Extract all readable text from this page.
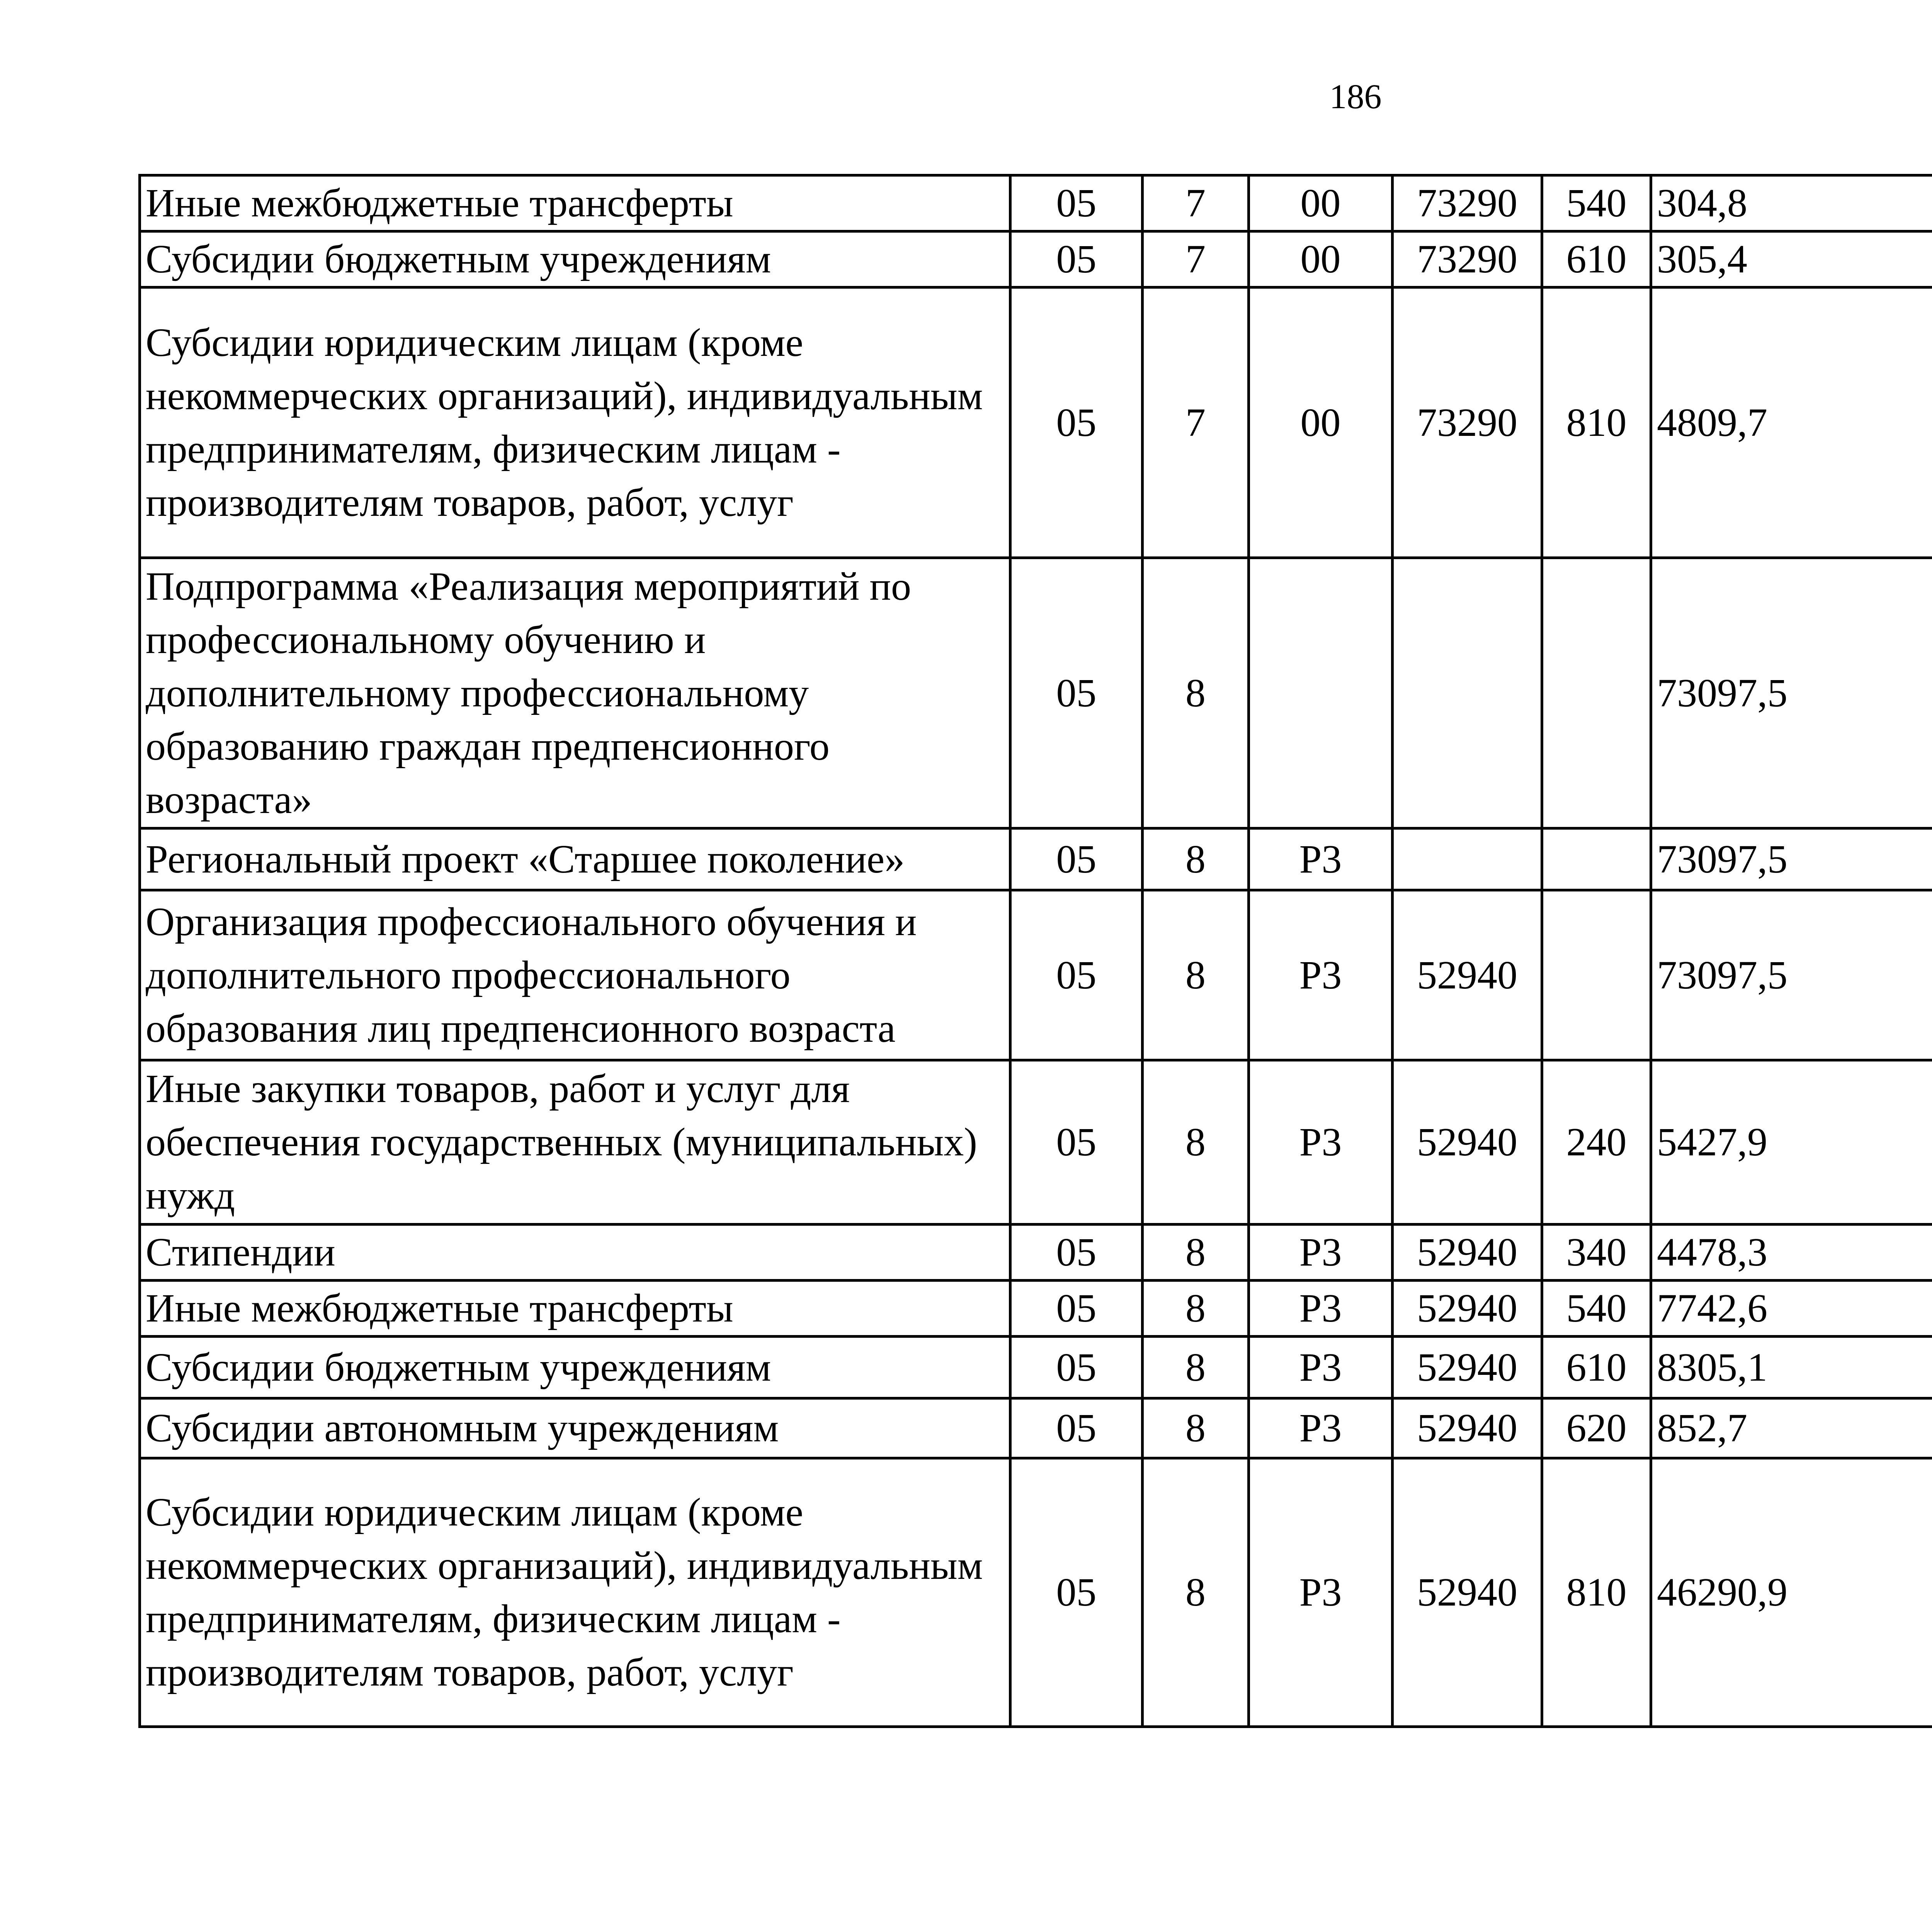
186
Иные межбюджетные трансферты	05	7	00	73290	540	304,8		
Субсидии бюджетным учреждениям	05	7	00	73290	610	305,4		
Субсидии юридическим лицам (кроме некоммерческих организаций), индивидуальным предпринимателям, физическим лицам - производителям товаров, работ, услуг	05	7	00	73290	810	4809,7		
Подпрограмма «Реализация мероприятий по профессиональному обучению и дополнительному профессиональному образованию граждан предпенсионного возраста»	05	8				73097,5		
Региональный проект «Старшее поколение»	05	8	Р3			73097,5		
Организация профессионального обучения и дополнительного профессионального образования лиц предпенсионного возраста	05	8	Р3	52940		73097,5		
Иные закупки товаров, работ и услуг для обеспечения государственных (муниципальных) нужд	05	8	Р3	52940	240	5427,9		
Стипендии	05	8	Р3	52940	340	4478,3		
Иные межбюджетные трансферты	05	8	Р3	52940	540	7742,6		
Субсидии бюджетным учреждениям	05	8	Р3	52940	610	8305,1		
Субсидии автономным учреждениям	05	8	Р3	52940	620	852,7		
Субсидии юридическим лицам (кроме некоммерческих организаций), индивидуальным предпринимателям, физическим лицам - производителям товаров, работ, услуг	05	8	Р3	52940	810	46290,9		
